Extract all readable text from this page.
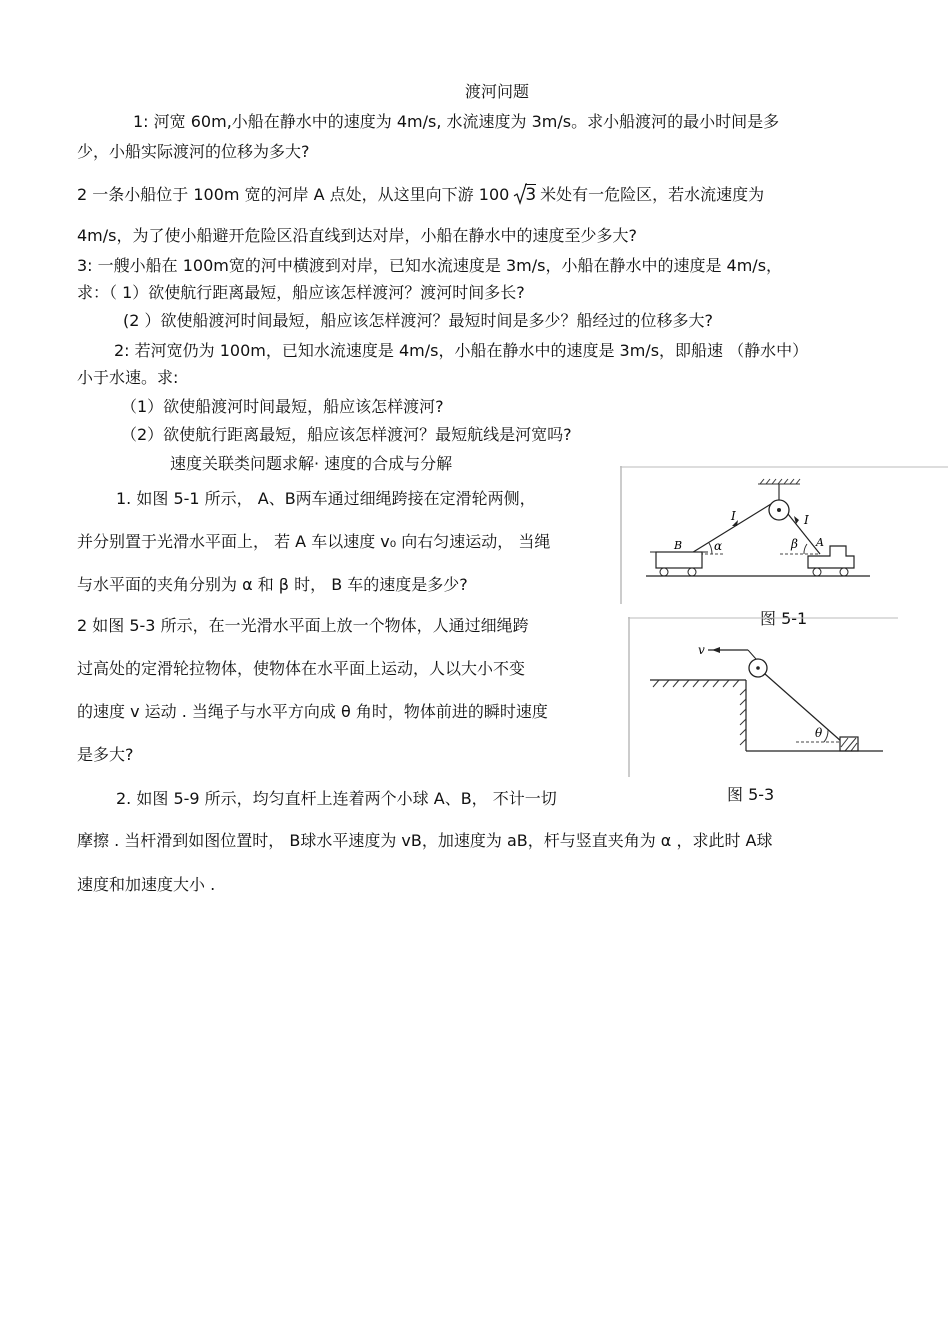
渡河问题
1: 河宽 60m,小船在静水中的速度为 4m/s, 水流速度为 3m/s。求小船渡河的最小时间是多
少，小船实际渡河的位移为多大?
2 一条小船位于 100m 宽的河岸 A 点处，从这里向下游 100 3 米处有一危险区，若水流速度为
4m/s，为了使小船避开危险区沿直线到达对岸，小船在静水中的速度至少多大?
3: 一艘小船在 100m宽的河中横渡到对岸，已知水流速度是 3m/s，小船在静水中的速度是 4m/s，
求：（ 1）欲使航行距离最短，船应该怎样渡河？渡河时间多长?
(2 ）欲使船渡河时间最短，船应该怎样渡河？最短时间是多少？船经过的位移多大?
2: 若河宽仍为 100m，已知水流速度是 4m/s，小船在静水中的速度是 3m/s，即船速 （静水中）
小于水速。求:
（1）欲使船渡河时间最短，船应该怎样渡河?
（2）欲使航行距离最短，船应该怎样渡河？最短航线是河宽吗?
速度关联类问题求解· 速度的合成与分解
1. 如图 5-1 所示， A、B两车通过细绳跨接在定滑轮两侧，
并分别置于光滑水平面上， 若 A 车以速度 v₀ 向右匀速运动， 当绳
与水平面的夹角分别为 α 和 β 时， B 车的速度是多少?
2 如图 5-3 所示，在一光滑水平面上放一个物体，人通过细绳跨
过高处的定滑轮拉物体，使物体在水平面上运动，人以大小不变
的速度 v 运动 . 当绳子与水平方向成 θ 角时，物体前进的瞬时速度
是多大?
2. 如图 5-9 所示，均匀直杆上连着两个小球 A、B， 不计一切
摩擦 . 当杆滑到如图位置时， B球水平速度为 vB，加速度为 aB，杆与竖直夹角为 α ，求此时 A球
速度和加速度大小 .
I	I
α	β
B	A
图 5-1
v
θ
图 5-3
